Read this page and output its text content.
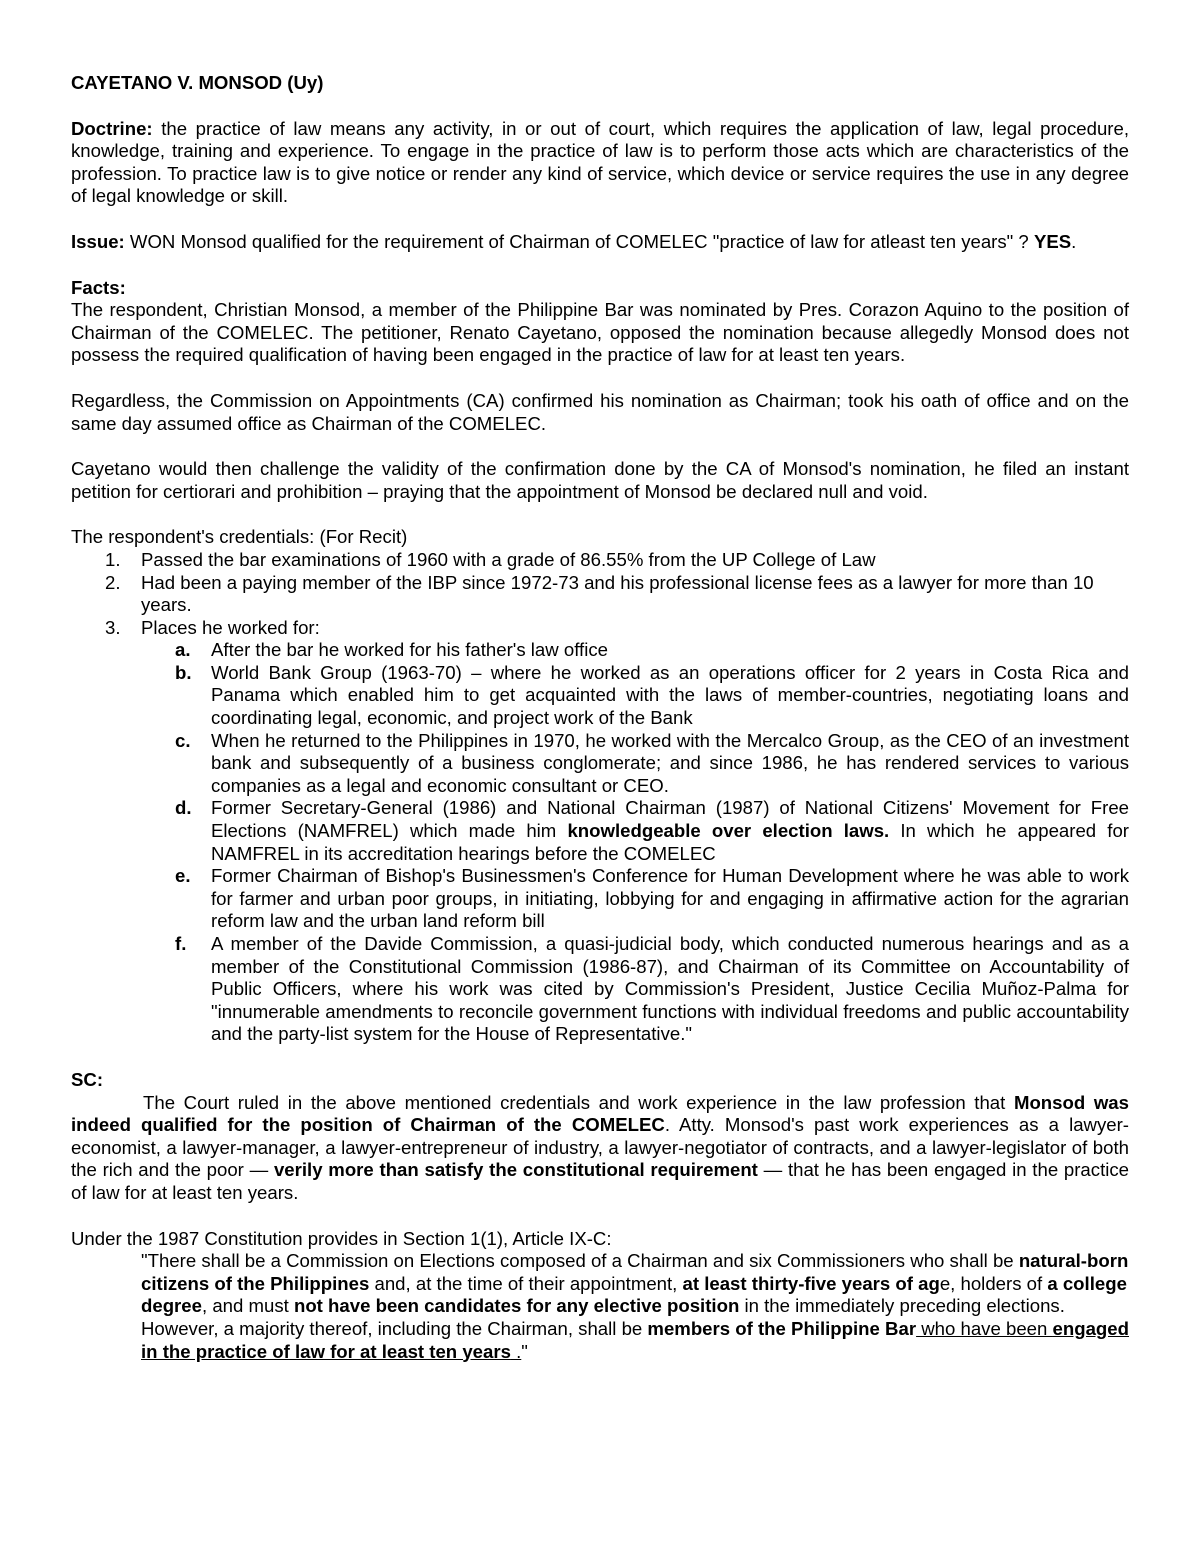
CAYETANO V. MONSOD (Uy)

Doctrine: the practice of law means any activity, in or out of court, which requires the application of law, legal procedure, knowledge, training and experience. To engage in the practice of law is to perform those acts which are characteristics of the profession. To practice law is to give notice or render any kind of service, which device or service requires the use in any degree of legal knowledge or skill.

Issue: WON Monsod qualified for the requirement of Chairman of COMELEC "practice of law for atleast ten years" ? YES.

Facts:

The respondent, Christian Monsod, a member of the Philippine Bar was nominated by Pres. Corazon Aquino to the position of Chairman of the COMELEC. The petitioner, Renato Cayetano, opposed the nomination because allegedly Monsod does not possess the required qualification of having been engaged in the practice of law for at least ten years.

Regardless, the Commission on Appointments (CA) confirmed his nomination as Chairman; took his oath of office and on the same day assumed office as Chairman of the COMELEC.

Cayetano would then challenge the validity of the confirmation done by the CA of Monsod's nomination, he filed an instant petition for certiorari and prohibition – praying that the appointment of Monsod be declared null and void.

The respondent's credentials: (For Recit)

1. Passed the bar examinations of 1960 with a grade of 86.55% from the UP College of Law
2. Had been a paying member of the IBP since 1972-73 and his professional license fees as a lawyer for more than 10 years.
3. Places he worked for:
a. After the bar he worked for his father's law office
b. World Bank Group (1963-70) – where he worked as an operations officer for 2 years in Costa Rica and Panama which enabled him to get acquainted with the laws of member-countries, negotiating loans and coordinating legal, economic, and project work of the Bank
c. When he returned to the Philippines in 1970, he worked with the Mercalco Group, as the CEO of an investment bank and subsequently of a business conglomerate; and since 1986, he has rendered services to various companies as a legal and economic consultant or CEO.
d. Former Secretary-General (1986) and National Chairman (1987) of National Citizens' Movement for Free Elections (NAMFREL) which made him knowledgeable over election laws. In which he appeared for NAMFREL in its accreditation hearings before the COMELEC
e. Former Chairman of Bishop's Businessmen's Conference for Human Development where he was able to work for farmer and urban poor groups, in initiating, lobbying for and engaging in affirmative action for the agrarian reform law and the urban land reform bill
f. A member of the Davide Commission, a quasi-judicial body, which conducted numerous hearings and as a member of the Constitutional Commission (1986-87), and Chairman of its Committee on Accountability of Public Officers, where his work was cited by Commission's President, Justice Cecilia Muñoz-Palma for "innumerable amendments to reconcile government functions with individual freedoms and public accountability and the party-list system for the House of Representative."

SC:

The Court ruled in the above mentioned credentials and work experience in the law profession that Monsod was indeed qualified for the position of Chairman of the COMELEC. Atty. Monsod's past work experiences as a lawyer-economist, a lawyer-manager, a lawyer-entrepreneur of industry, a lawyer-negotiator of contracts, and a lawyer-legislator of both the rich and the poor — verily more than satisfy the constitutional requirement — that he has been engaged in the practice of law for at least ten years.

Under the 1987 Constitution provides in Section 1(1), Article IX-C:

"There shall be a Commission on Elections composed of a Chairman and six Commissioners who shall be natural-born citizens of the Philippines and, at the time of their appointment, at least thirty-five years of age, holders of a college degree, and must not have been candidates for any elective position in the immediately preceding elections. However, a majority thereof, including the Chairman, shall be members of the Philippine Bar who have been engaged in the practice of law for at least ten years ."
